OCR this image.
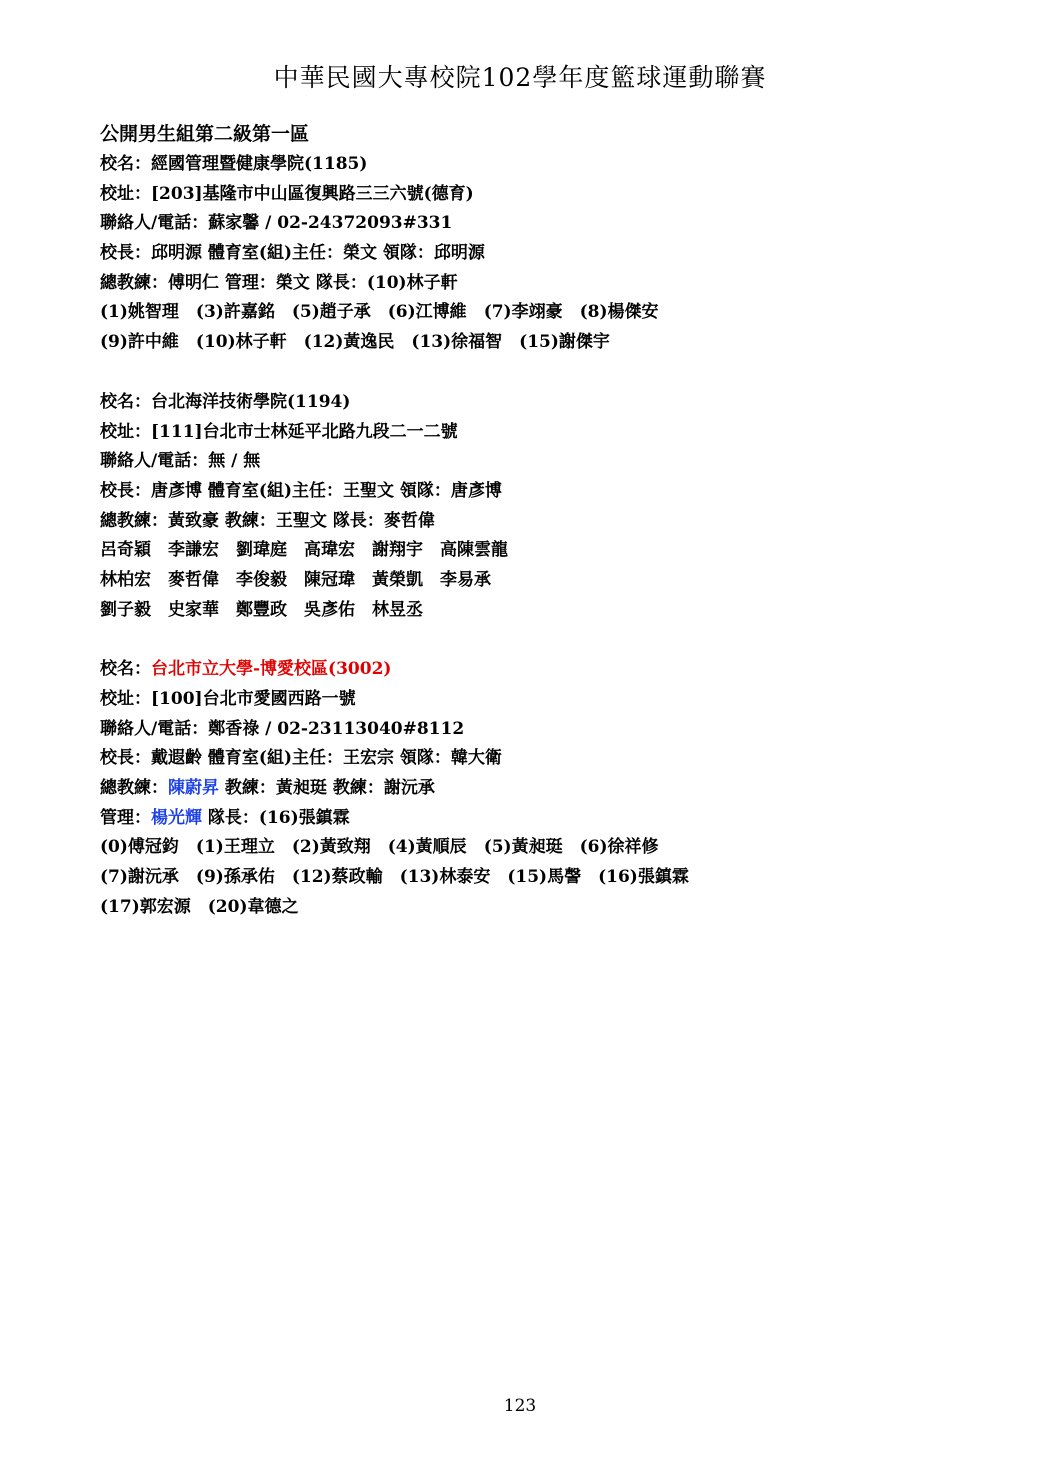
中華民國大專校院102學年度籃球運動聯賽
公開男生組第二級第一區
校名：經國管理暨健康學院(1185)
校址：[203]基隆市中山區復興路三三六號(德育)
聯絡人/電話：蘇家馨 / 02-24372093#331
校長：邱明源 體育室(組)主任：榮文 領隊：邱明源
總教練：傅明仁 管理：榮文 隊長：(10)林子軒
(1)姚智理 (3)許嘉銘 (5)趙子承 (6)江博維 (7)李翊豪 (8)楊傑安
(9)許中維 (10)林子軒 (12)黃逸民 (13)徐福智 (15)謝傑宇
校名：台北海洋技術學院(1194)
校址：[111]台北市士林延平北路九段二一二號
聯絡人/電話：無 / 無
校長：唐彥博 體育室(組)主任：王聖文 領隊：唐彥博
總教練：黃致豪 教練：王聖文 隊長：麥哲偉
呂奇穎 李謙宏 劉瑋庭 高瑋宏 謝翔宇 高陳雲龍
林柏宏 麥哲偉 李俊毅 陳冠瑋 黃榮凱 李易承
劉子毅 史家華 鄭豐政 吳彥佑 林昱丞
校名：台北市立大學-博愛校區(3002)
校址：[100]台北市愛國西路一號
聯絡人/電話：鄭香祿 / 02-23113040#8112
校長：戴遐齡 體育室(組)主任：王宏宗 領隊：韓大衛
總教練：陳蔚昇 教練：黃昶珽 教練：謝沅承
管理：楊光輝 隊長：(16)張鎮霖
(0)傅冠鈞 (1)王理立 (2)黃致翔 (4)黃順辰 (5)黃昶珽 (6)徐祥修
(7)謝沅承 (9)孫承佑 (12)蔡政輸 (13)林泰安 (15)馬謦 (16)張鎮霖
(17)郭宏源 (20)韋德之
123
